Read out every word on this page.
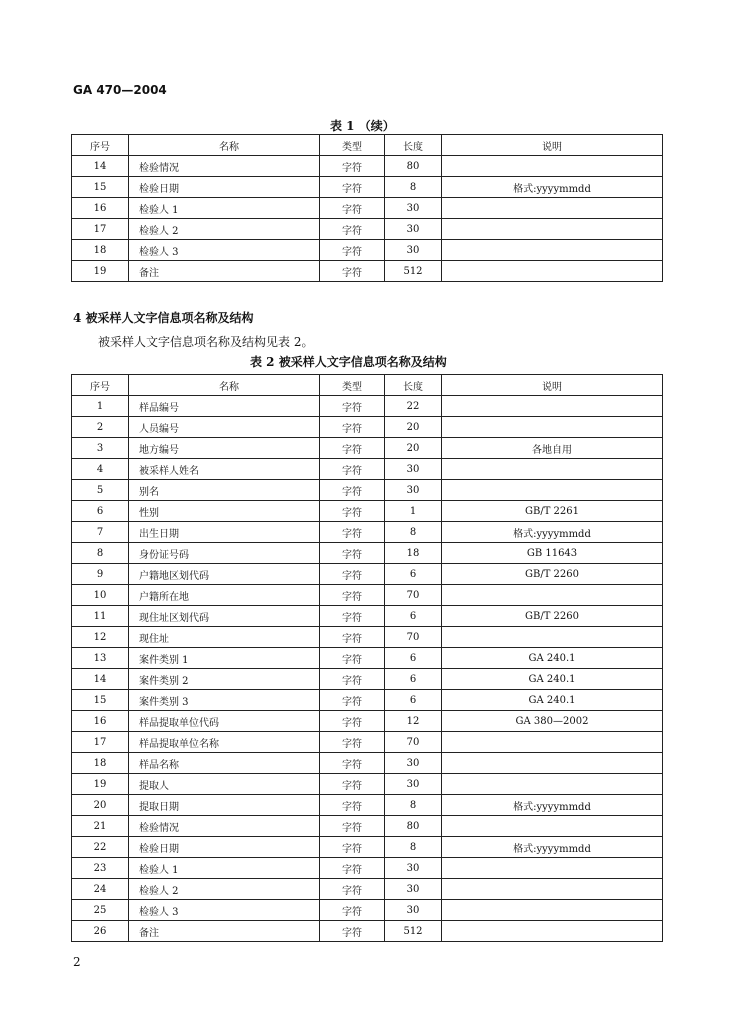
GA 470—2004
表 1 （续）
序号	名称	类型	长度	说明
14	检验情况	字符	80	
15	检验日期	字符	8	格式:yyyymmdd
16	检验人 1	字符	30	
17	检验人 2	字符	30	
18	检验人 3	字符	30	
19	备注	字符	512	
4 被采样人文字信息项名称及结构
被采样人文字信息项名称及结构见表 2。
表 2 被采样人文字信息项名称及结构
序号	名称	类型	长度	说明
1	样品编号	字符	22	
2	人员编号	字符	20	
3	地方编号	字符	20	各地自用
4	被采样人姓名	字符	30	
5	别名	字符	30	
6	性别	字符	1	GB/T 2261
7	出生日期	字符	8	格式:yyyymmdd
8	身份证号码	字符	18	GB 11643
9	户籍地区划代码	字符	6	GB/T 2260
10	户籍所在地	字符	70	
11	现住址区划代码	字符	6	GB/T 2260
12	现住址	字符	70	
13	案件类别 1	字符	6	GA 240.1
14	案件类别 2	字符	6	GA 240.1
15	案件类别 3	字符	6	GA 240.1
16	样品提取单位代码	字符	12	GA 380—2002
17	样品提取单位名称	字符	70	
18	样品名称	字符	30	
19	提取人	字符	30	
20	提取日期	字符	8	格式:yyyymmdd
21	检验情况	字符	80	
22	检验日期	字符	8	格式:yyyymmdd
23	检验人 1	字符	30	
24	检验人 2	字符	30	
25	检验人 3	字符	30	
26	备注	字符	512	
2
